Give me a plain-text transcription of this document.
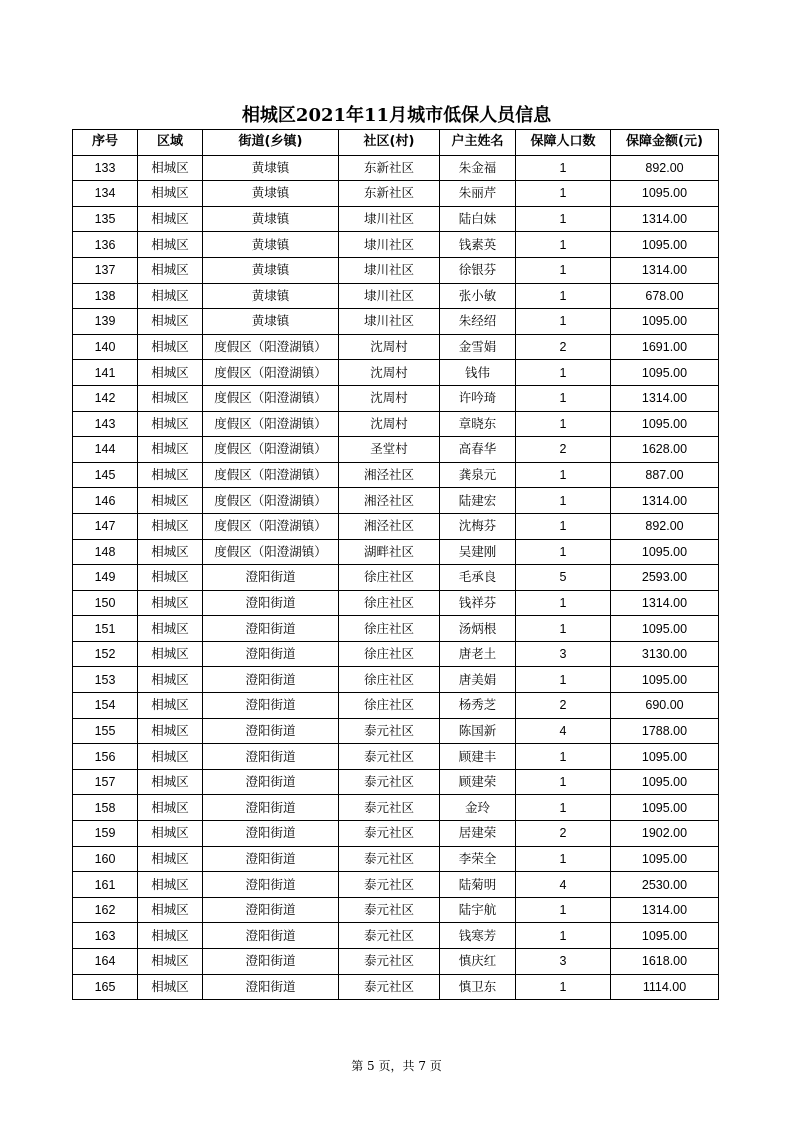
相城区2021年11月城市低保人员信息
序号	区域	街道(乡镇)	社区(村)	户主姓名	保障人口数	保障金额(元)
133	相城区	黄埭镇	东新社区	朱金福	1	892.00
134	相城区	黄埭镇	东新社区	朱丽芹	1	1095.00
135	相城区	黄埭镇	埭川社区	陆白妹	1	1314.00
136	相城区	黄埭镇	埭川社区	钱素英	1	1095.00
137	相城区	黄埭镇	埭川社区	徐银芬	1	1314.00
138	相城区	黄埭镇	埭川社区	张小敏	1	678.00
139	相城区	黄埭镇	埭川社区	朱经绍	1	1095.00
140	相城区	度假区（阳澄湖镇）	沈周村	金雪娟	2	1691.00
141	相城区	度假区（阳澄湖镇）	沈周村	钱伟	1	1095.00
142	相城区	度假区（阳澄湖镇）	沈周村	许吟琦	1	1314.00
143	相城区	度假区（阳澄湖镇）	沈周村	章晓东	1	1095.00
144	相城区	度假区（阳澄湖镇）	圣堂村	高春华	2	1628.00
145	相城区	度假区（阳澄湖镇）	湘泾社区	龚泉元	1	887.00
146	相城区	度假区（阳澄湖镇）	湘泾社区	陆建宏	1	1314.00
147	相城区	度假区（阳澄湖镇）	湘泾社区	沈梅芬	1	892.00
148	相城区	度假区（阳澄湖镇）	湖畔社区	吴建刚	1	1095.00
149	相城区	澄阳街道	徐庄社区	毛承良	5	2593.00
150	相城区	澄阳街道	徐庄社区	钱祥芬	1	1314.00
151	相城区	澄阳街道	徐庄社区	汤炳根	1	1095.00
152	相城区	澄阳街道	徐庄社区	唐老土	3	3130.00
153	相城区	澄阳街道	徐庄社区	唐美娟	1	1095.00
154	相城区	澄阳街道	徐庄社区	杨秀芝	2	690.00
155	相城区	澄阳街道	泰元社区	陈国新	4	1788.00
156	相城区	澄阳街道	泰元社区	顾建丰	1	1095.00
157	相城区	澄阳街道	泰元社区	顾建荣	1	1095.00
158	相城区	澄阳街道	泰元社区	金玲	1	1095.00
159	相城区	澄阳街道	泰元社区	居建荣	2	1902.00
160	相城区	澄阳街道	泰元社区	李荣全	1	1095.00
161	相城区	澄阳街道	泰元社区	陆菊明	4	2530.00
162	相城区	澄阳街道	泰元社区	陆宇航	1	1314.00
163	相城区	澄阳街道	泰元社区	钱寒芳	1	1095.00
164	相城区	澄阳街道	泰元社区	慎庆红	3	1618.00
165	相城区	澄阳街道	泰元社区	慎卫东	1	1114.00
第 5 页，共 7 页
